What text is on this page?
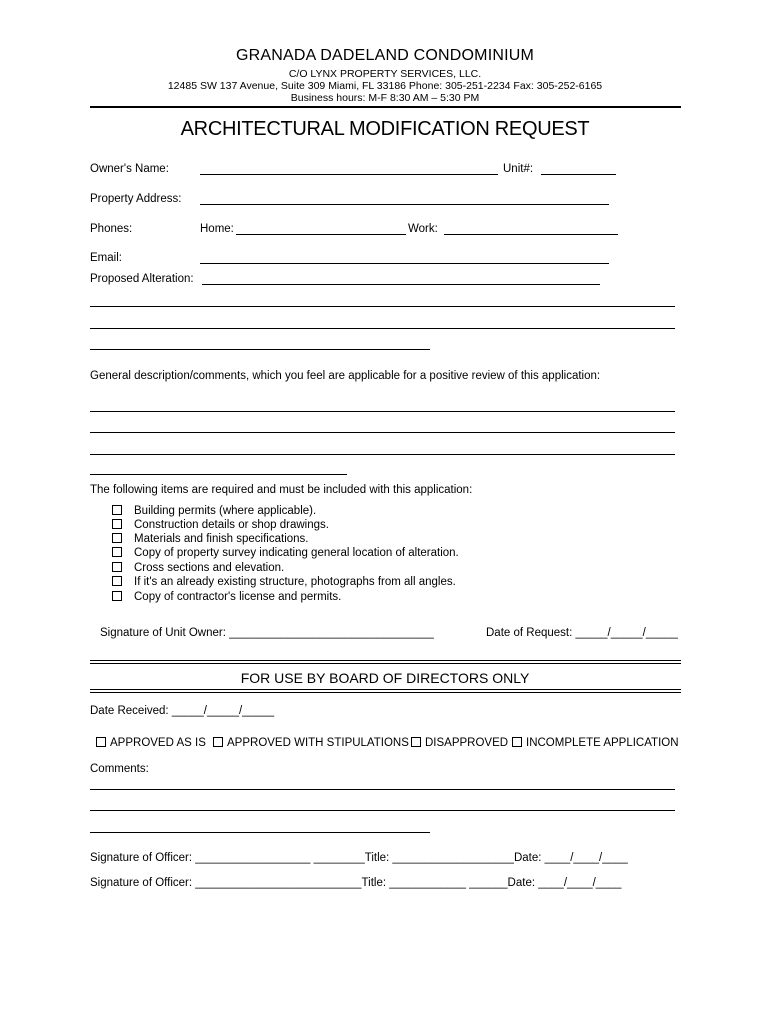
GRANADA DADELAND CONDOMINIUM
C/O LYNX PROPERTY SERVICES, LLC.
12485 SW 137 Avenue, Suite 309 Miami, FL 33186 Phone: 305-251-2234 Fax: 305-252-6165
Business hours: M-F 8:30 AM – 5:30 PM
ARCHITECTURAL MODIFICATION REQUEST
Owner's Name:	Unit#:
Property Address:
Phones:	Home:	Work:
Email:
Proposed Alteration:
General description/comments, which you feel are applicable for a positive review of this application:
The following items are required and must be included with this application:
Building permits (where applicable).
Construction details or shop drawings.
Materials and finish specifications.
Copy of property survey indicating general location of alteration.
Cross sections and elevation.
If it's an already existing structure, photographs from all angles.
Copy of contractor's license and permits.
Signature of Unit Owner: ________________________________	Date of Request: _____/_____/_____
FOR USE BY BOARD OF DIRECTORS ONLY
Date Received: _____/_____/_____
APPROVED AS IS	APPROVED WITH STIPULATIONS	DISAPPROVED	INCOMPLETE APPLICATION
Comments:
Signature of Officer: __________________ ________Title: ___________________Date: ____/____/____
Signature of Officer: __________________________Title: ____________ ______Date: ____/____/____
